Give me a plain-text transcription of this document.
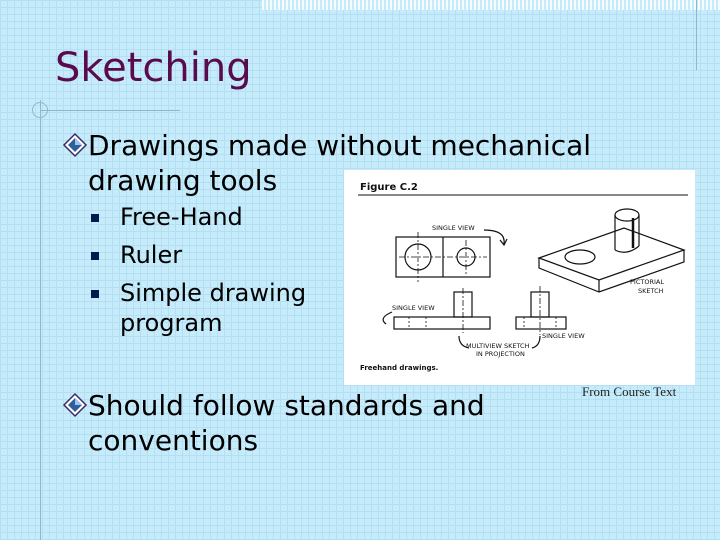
Sketching
Drawings made without mechanical drawing tools
Free-Hand
Ruler
Simple drawing program
Figure C.2
SINGLE VIEW
PICTORIAL
SKETCH
SINGLE VIEW
SINGLE VIEW
MULTIVIEW SKETCH
IN PROJECTION
Freehand drawings.
From Course Text
Should follow standards and conventions
